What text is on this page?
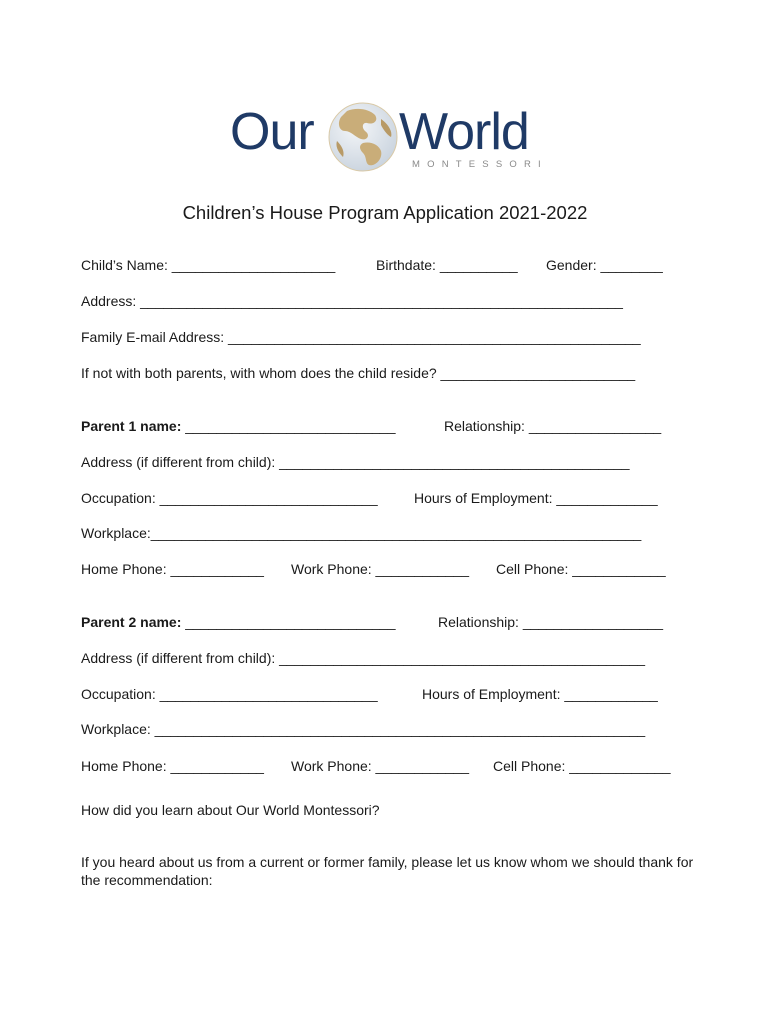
Our World
MONTESSORI
Children’s House Program Application 2021-2022
Child’s Name: _____________________	Birthdate: __________ Gender: ________
Address: ______________________________________________________________
Family E-mail Address: _____________________________________________________
If not with both parents, with whom does the child reside? _________________________
Parent 1 name: ___________________________	Relationship: _________________
Address (if different from child): _____________________________________________
Occupation: ____________________________	Hours of Employment: _____________
Workplace:_______________________________________________________________
Home Phone: ____________ Work Phone: ____________ Cell Phone: ____________
Parent 2 name: ___________________________	Relationship: __________________
Address (if different from child): _______________________________________________
Occupation: ____________________________	Hours of Employment: ____________
Workplace: _______________________________________________________________
Home Phone: ____________ Work Phone: ____________ Cell Phone: _____________
How did you learn about Our World Montessori?
If you heard about us from a current or former family, please let us know whom we should thank for the recommendation:
